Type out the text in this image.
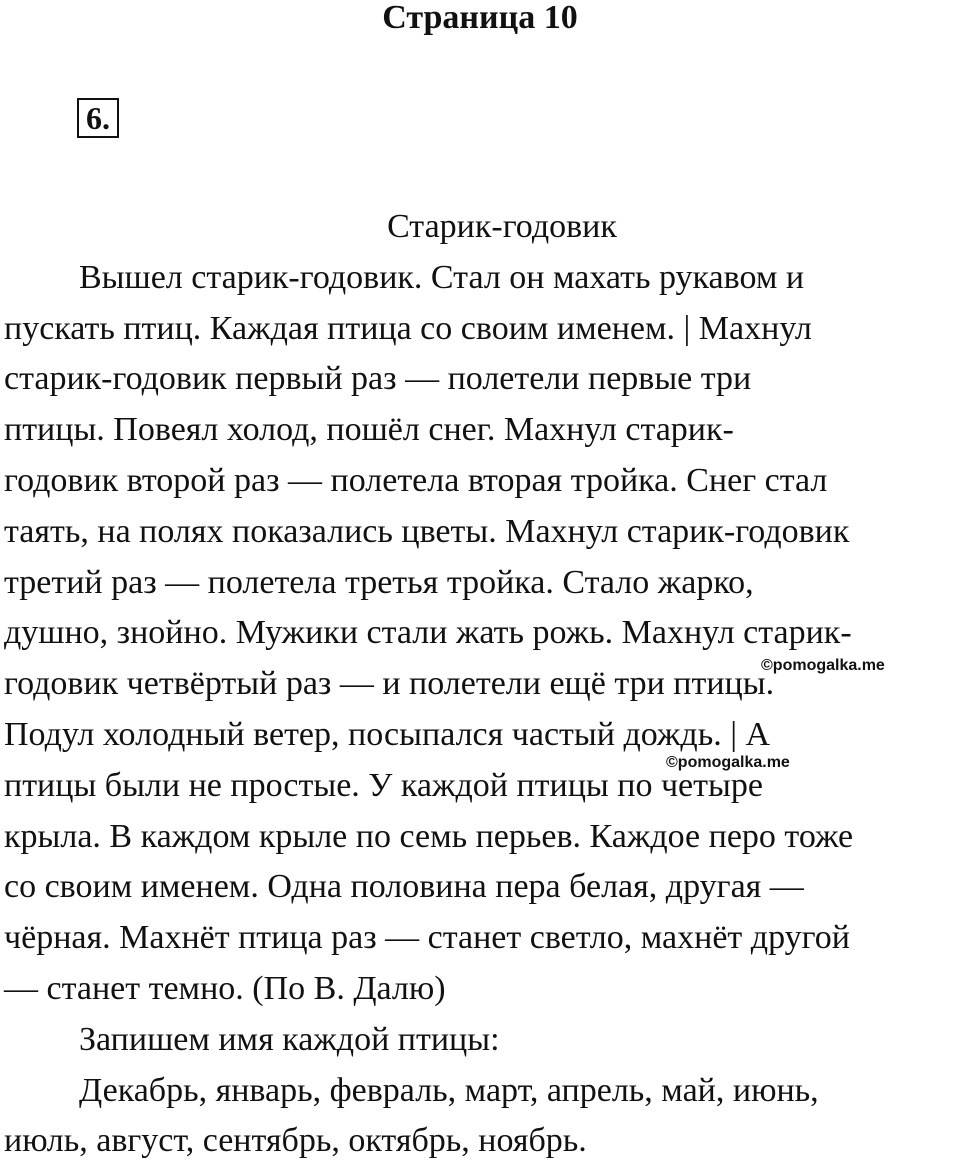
Страница 10
6.
Старик-годовик
Вышел старик-годовик. Стал он махать рукавом и
пускать птиц. Каждая птица со своим именем. | Махнул
старик-годовик первый раз — полетели первые три
птицы. Повеял холод, пошёл снег. Махнул старик-
годовик второй раз — полетела вторая тройка. Снег стал
таять, на полях показались цветы. Махнул старик-годовик
третий раз — полетела третья тройка. Стало жарко,
душно, знойно. Мужики стали жать рожь. Махнул старик-
годовик четвёртый раз — и полетели ещё три птицы.
Подул холодный ветер, посыпался частый дождь. | А
птицы были не простые. У каждой птицы по четыре
крыла. В каждом крыле по семь перьев. Каждое перо тоже
со своим именем. Одна половина пера белая, другая —
чёрная. Махнёт птица раз — станет светло, махнёт другой
— станет темно. (По В. Далю)
Запишем имя каждой птицы:
Декабрь, январь, февраль, март, апрель, май, июнь,
июль, август, сентябрь, октябрь, ноябрь.
©pomogalka.me
©pomogalka.me
